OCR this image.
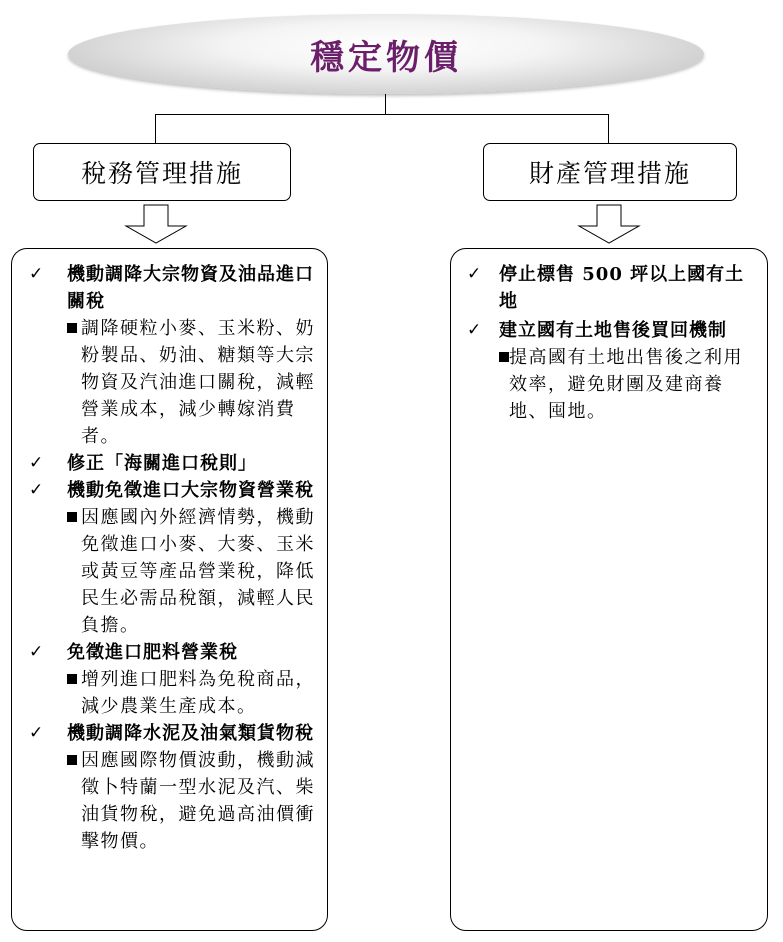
穩定物價
稅務管理措施	財產管理措施
✓ 機動調降大宗物資及油品進口關稅
調降硬粒小麥、玉米粉、奶粉製品、奶油、糖類等大宗物資及汽油進口關稅，減輕營業成本，減少轉嫁消費者。
✓ 修正「海關進口稅則」
✓ 機動免徵進口大宗物資營業稅
因應國內外經濟情勢，機動免徵進口小麥、大麥、玉米或黃豆等產品營業稅，降低民生必需品稅額，減輕人民負擔。
✓ 免徵進口肥料營業稅
增列進口肥料為免稅商品，減少農業生產成本。
✓ 機動調降水泥及油氣類貨物稅
因應國際物價波動，機動減徵卜特蘭一型水泥及汽、柴油貨物稅，避免過高油價衝擊物價。
✓ 停止標售 500 坪以上國有土地
✓ 建立國有土地售後買回機制
提高國有土地出售後之利用效率，避免財團及建商養地、囤地。
